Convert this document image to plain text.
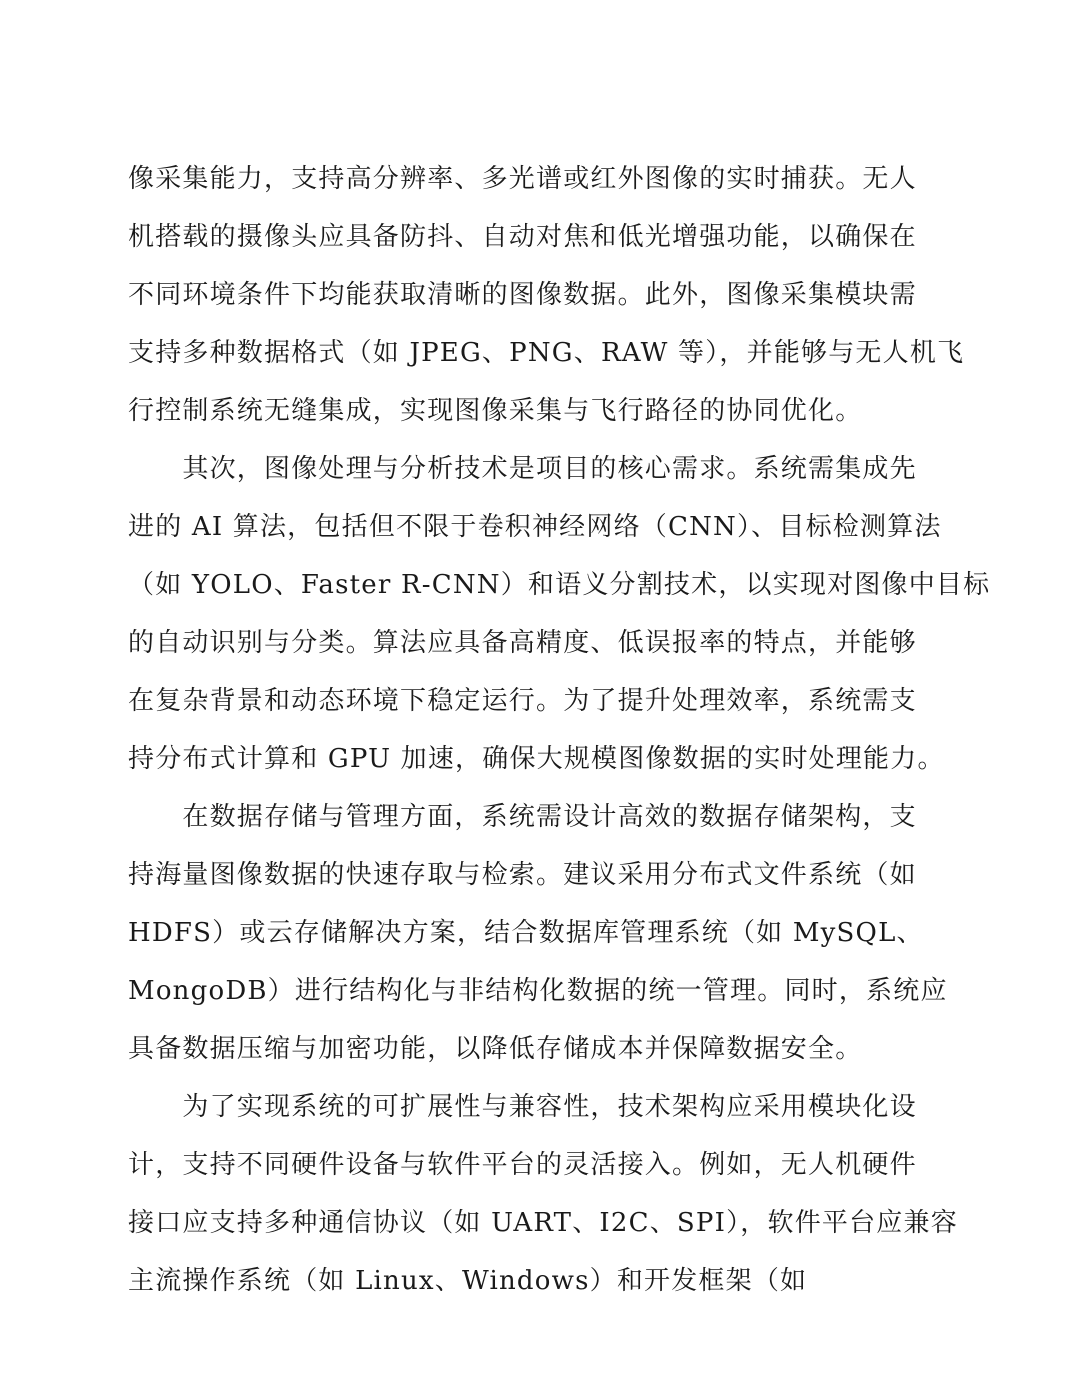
像采集能力，支持高分辨率、多光谱或红外图像的实时捕获。无人
机搭载的摄像头应具备防抖、自动对焦和低光增强功能，以确保在
不同环境条件下均能获取清晰的图像数据。此外，图像采集模块需
支持多种数据格式（如 JPEG、PNG、RAW 等），并能够与无人机飞
行控制系统无缝集成，实现图像采集与飞行路径的协同优化。
　　其次，图像处理与分析技术是项目的核心需求。系统需集成先
进的 AI 算法，包括但不限于卷积神经网络（CNN）、目标检测算法
（如 YOLO、Faster R-CNN）和语义分割技术，以实现对图像中目标
的自动识别与分类。算法应具备高精度、低误报率的特点，并能够
在复杂背景和动态环境下稳定运行。为了提升处理效率，系统需支
持分布式计算和 GPU 加速，确保大规模图像数据的实时处理能力。
　　在数据存储与管理方面，系统需设计高效的数据存储架构，支
持海量图像数据的快速存取与检索。建议采用分布式文件系统（如
HDFS）或云存储解决方案，结合数据库管理系统（如 MySQL、
MongoDB）进行结构化与非结构化数据的统一管理。同时，系统应
具备数据压缩与加密功能，以降低存储成本并保障数据安全。
　　为了实现系统的可扩展性与兼容性，技术架构应采用模块化设
计，支持不同硬件设备与软件平台的灵活接入。例如，无人机硬件
接口应支持多种通信协议（如 UART、I2C、SPI），软件平台应兼容
主流操作系统（如 Linux、Windows）和开发框架（如
